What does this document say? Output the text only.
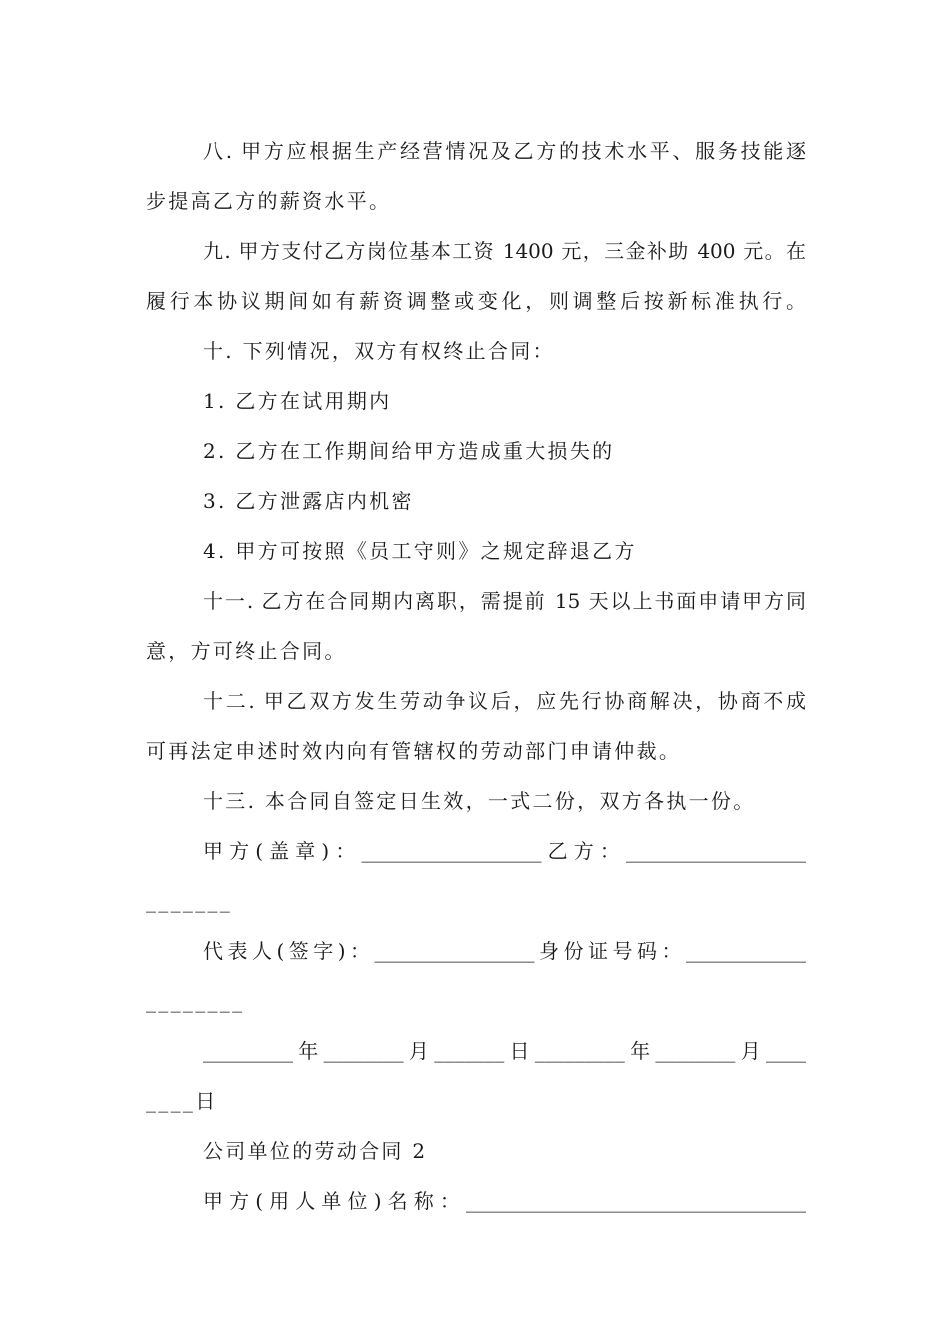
八. 甲方应根据生产经营情况及乙方的技术水平、服务技能逐
步提高乙方的薪资水平。
九. 甲方支付乙方岗位基本工资 1400 元，三金补助 400 元。在
履行本协议期间如有薪资调整或变化，则调整后按新标准执行。
十. 下列情况，双方有权终止合同：
1. 乙方在试用期内
2. 乙方在工作期间给甲方造成重大损失的
3. 乙方泄露店内机密
4. 甲方可按照《员工守则》之规定辞退乙方
十一. 乙方在合同期内离职，需提前 15 天以上书面申请甲方同
意，方可终止合同。
十二. 甲乙双方发生劳动争议后，应先行协商解决，协商不成
可再法定申述时效内向有管辖权的劳动部门申请仲裁。
十三. 本合同自签定日生效，一式二份，双方各执一份。
甲方(盖章)：__________________乙方：__________________
_______
代表人(签字)：________________身份证号码：____________
________
_________年________月_______日_________年________月____
____日
公司单位的劳动合同 2
甲方(用人单位)名称：__________________________________
